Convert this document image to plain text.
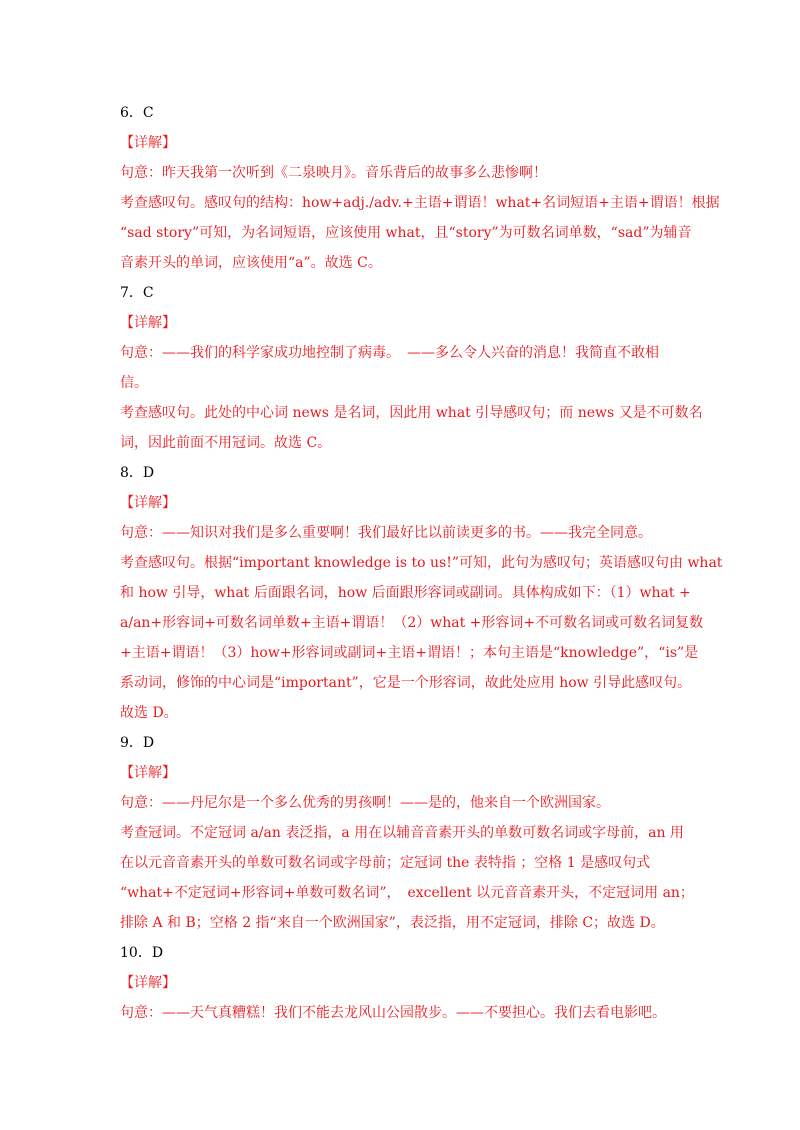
6．C
【详解】
句意：昨天我第一次听到《二泉映月》。音乐背后的故事多么悲惨啊！
考查感叹句。感叹句的结构：how+adj./adv.+主语+谓语！what+名词短语+主语+谓语！根据
“sad story”可知，为名词短语，应该使用 what，且“story”为可数名词单数，“sad”为辅音
音素开头的单词，应该使用“a”。故选 C。
7．C
【详解】
句意：——我们的科学家成功地控制了病毒。　——多么令人兴奋的消息！我简直不敢相
信。
考查感叹句。此处的中心词 news 是名词，因此用 what 引导感叹句；而 news 又是不可数名
词，因此前面不用冠词。故选 C。
8．D
【详解】
句意：——知识对我们是多么重要啊！我们最好比以前读更多的书。——我完全同意。
考查感叹句。根据“important knowledge is to us!”可知，此句为感叹句；英语感叹句由 what
和 how 引导，what 后面跟名词，how 后面跟形容词或副词。具体构成如下：（1）what +
a/an+形容词+可数名词单数+主语+谓语！（2）what +形容词+不可数名词或可数名词复数
+主语+谓语！（3）how+形容词或副词+主语+谓语！；本句主语是“knowledge”，“is”是
系动词，修饰的中心词是“important”，它是一个形容词，故此处应用 how 引导此感叹句。
故选 D。
9．D
【详解】
句意：——丹尼尔是一个多么优秀的男孩啊！——是的，他来自一个欧洲国家。
考查冠词。不定冠词 a/an 表泛指，a 用在以辅音音素开头的单数可数名词或字母前，an 用
在以元音音素开头的单数可数名词或字母前；定冠词 the 表特指 ；空格 1 是感叹句式
“what+不定冠词+形容词+单数可数名词”，　excellent 以元音音素开头，不定冠词用 an；
排除 A 和 B；空格 2 指“来自一个欧洲国家”，表泛指，用不定冠词，排除 C；故选 D。
10．D
【详解】
句意：——天气真糟糕！我们不能去龙风山公园散步。——不要担心。我们去看电影吧。
